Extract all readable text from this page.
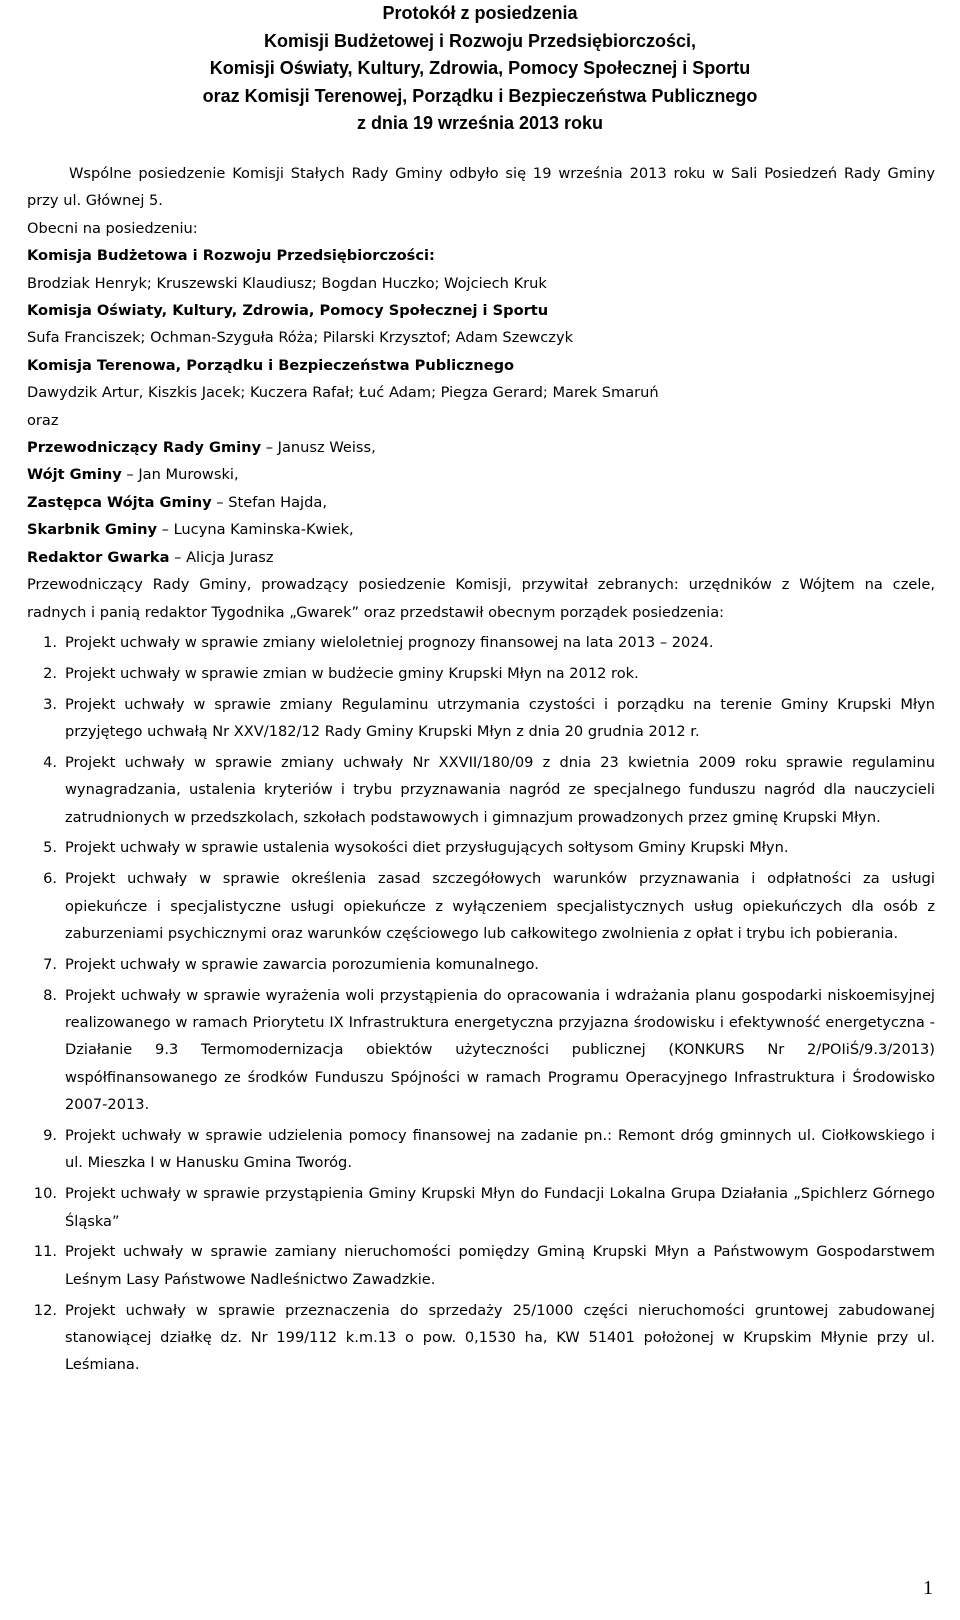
Protokół z posiedzenia
Komisji Budżetowej i Rozwoju Przedsiębiorczości,
Komisji Oświaty, Kultury, Zdrowia, Pomocy Społecznej i Sportu
oraz Komisji Terenowej, Porządku i Bezpieczeństwa Publicznego
z dnia 19 września 2013 roku

Wspólne posiedzenie Komisji Stałych Rady Gminy odbyło się 19 września 2013 roku w Sali Posiedzeń Rady Gminy przy ul. Głównej 5.

Obecni na posiedzeniu:

Komisja Budżetowa i Rozwoju Przedsiębiorczości:

Brodziak Henryk; Kruszewski Klaudiusz; Bogdan Huczko; Wojciech Kruk

Komisja Oświaty, Kultury, Zdrowia, Pomocy Społecznej i Sportu

Sufa Franciszek; Ochman-Szyguła Róża; Pilarski Krzysztof; Adam Szewczyk

Komisja Terenowa, Porządku i Bezpieczeństwa Publicznego

Dawydzik Artur, Kiszkis Jacek; Kuczera Rafał; Łuć Adam; Piegza Gerard; Marek Smaruń

oraz

Przewodniczący Rady Gminy – Janusz Weiss,

Wójt Gminy – Jan Murowski,

Zastępca Wójta Gminy – Stefan Hajda,

Skarbnik Gminy – Lucyna Kaminska-Kwiek,

Redaktor Gwarka – Alicja Jurasz

Przewodniczący Rady Gminy, prowadzący posiedzenie Komisji, przywitał zebranych: urzędników z Wójtem na czele, radnych i panią redaktor Tygodnika „Gwarek” oraz przedstawił obecnym porządek posiedzenia:

1. Projekt uchwały w sprawie zmiany wieloletniej prognozy finansowej na lata 2013 – 2024.
2. Projekt uchwały w sprawie zmian w budżecie gminy Krupski Młyn na 2012 rok.
3. Projekt uchwały w sprawie zmiany Regulaminu utrzymania czystości i porządku na terenie Gminy Krupski Młyn przyjętego uchwałą Nr XXV/182/12 Rady Gminy Krupski Młyn z dnia 20 grudnia 2012 r.
4. Projekt uchwały w sprawie zmiany uchwały Nr XXVII/180/09 z dnia 23 kwietnia 2009 roku sprawie regulaminu wynagradzania, ustalenia kryteriów i trybu przyznawania nagród ze specjalnego funduszu nagród dla nauczycieli zatrudnionych w przedszkolach, szkołach podstawowych i gimnazjum prowadzonych przez gminę Krupski Młyn.
5. Projekt uchwały w sprawie ustalenia wysokości diet przysługujących sołtysom Gminy Krupski Młyn.
6. Projekt uchwały w sprawie określenia zasad szczegółowych warunków przyznawania i odpłatności za usługi opiekuńcze i specjalistyczne usługi opiekuńcze z wyłączeniem specjalistycznych usług opiekuńczych dla osób z zaburzeniami psychicznymi oraz warunków częściowego lub całkowitego zwolnienia z opłat i trybu ich pobierania.
7. Projekt uchwały w sprawie zawarcia porozumienia komunalnego.
8. Projekt uchwały w sprawie wyrażenia woli przystąpienia do opracowania i wdrażania planu gospodarki niskoemisyjnej realizowanego w ramach Priorytetu IX Infrastruktura energetyczna przyjazna środowisku i efektywność energetyczna - Działanie 9.3 Termomodernizacja obiektów użyteczności publicznej (KONKURS Nr 2/POIiŚ/9.3/2013) współfinansowanego ze środków Funduszu Spójności w ramach Programu Operacyjnego Infrastruktura i Środowisko 2007-2013.
9. Projekt uchwały w sprawie udzielenia pomocy finansowej na zadanie pn.: Remont dróg gminnych ul. Ciołkowskiego i ul. Mieszka I w Hanusku Gmina Tworóg.
10. Projekt uchwały w sprawie przystąpienia Gminy Krupski Młyn do Fundacji Lokalna Grupa Działania „Spichlerz Górnego Śląska”
11. Projekt uchwały w sprawie zamiany nieruchomości pomiędzy Gminą Krupski Młyn a Państwowym Gospodarstwem Leśnym Lasy Państwowe Nadleśnictwo Zawadzkie.
12. Projekt uchwały w sprawie przeznaczenia do sprzedaży 25/1000 części nieruchomości gruntowej zabudowanej stanowiącej działkę dz. Nr 199/112 k.m.13 o pow. 0,1530 ha, KW 51401 położonej w Krupskim Młynie przy ul. Leśmiana.
1
